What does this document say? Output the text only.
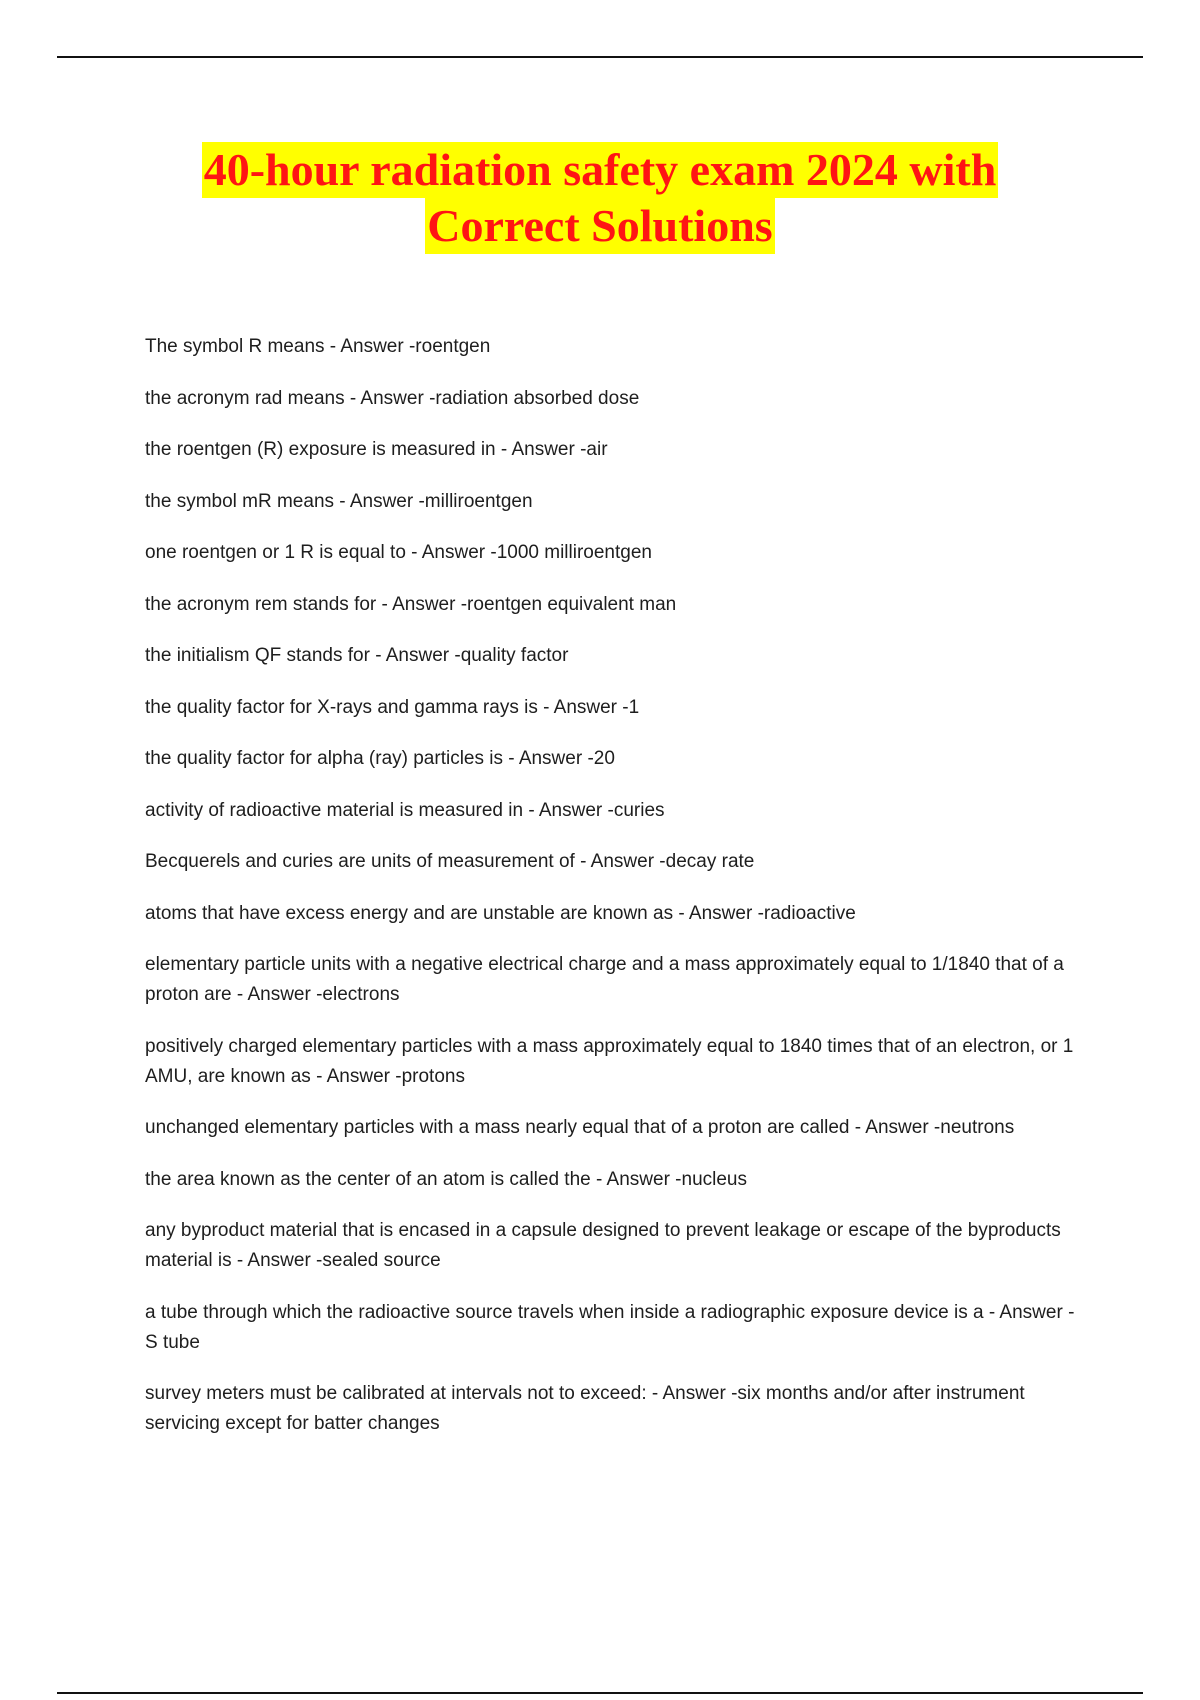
40-hour radiation safety exam 2024 with
Correct Solutions
The symbol R means - Answer -roentgen
the acronym rad means - Answer -radiation absorbed dose
the roentgen (R) exposure is measured in - Answer -air
the symbol mR means - Answer -milliroentgen
one roentgen or 1 R is equal to - Answer -1000 milliroentgen
the acronym rem stands for - Answer -roentgen equivalent man
the initialism QF stands for - Answer -quality factor
the quality factor for X-rays and gamma rays is - Answer -1
the quality factor for alpha (ray) particles is - Answer -20
activity of radioactive material is measured in - Answer -curies
Becquerels and curies are units of measurement of - Answer -decay rate
atoms that have excess energy and are unstable are known as - Answer -radioactive
elementary particle units with a negative electrical charge and a mass approximately equal to 1/1840 that of a proton are - Answer -electrons
positively charged elementary particles with a mass approximately equal to 1840 times that of an electron, or 1 AMU, are known as - Answer -protons
unchanged elementary particles with a mass nearly equal that of a proton are called - Answer -neutrons
the area known as the center of an atom is called the - Answer -nucleus
any byproduct material that is encased in a capsule designed to prevent leakage or escape of the byproducts material is - Answer -sealed source
a tube through which the radioactive source travels when inside a radiographic exposure device is a - Answer -S tube
survey meters must be calibrated at intervals not to exceed: - Answer -six months and/or after instrument servicing except for batter changes
